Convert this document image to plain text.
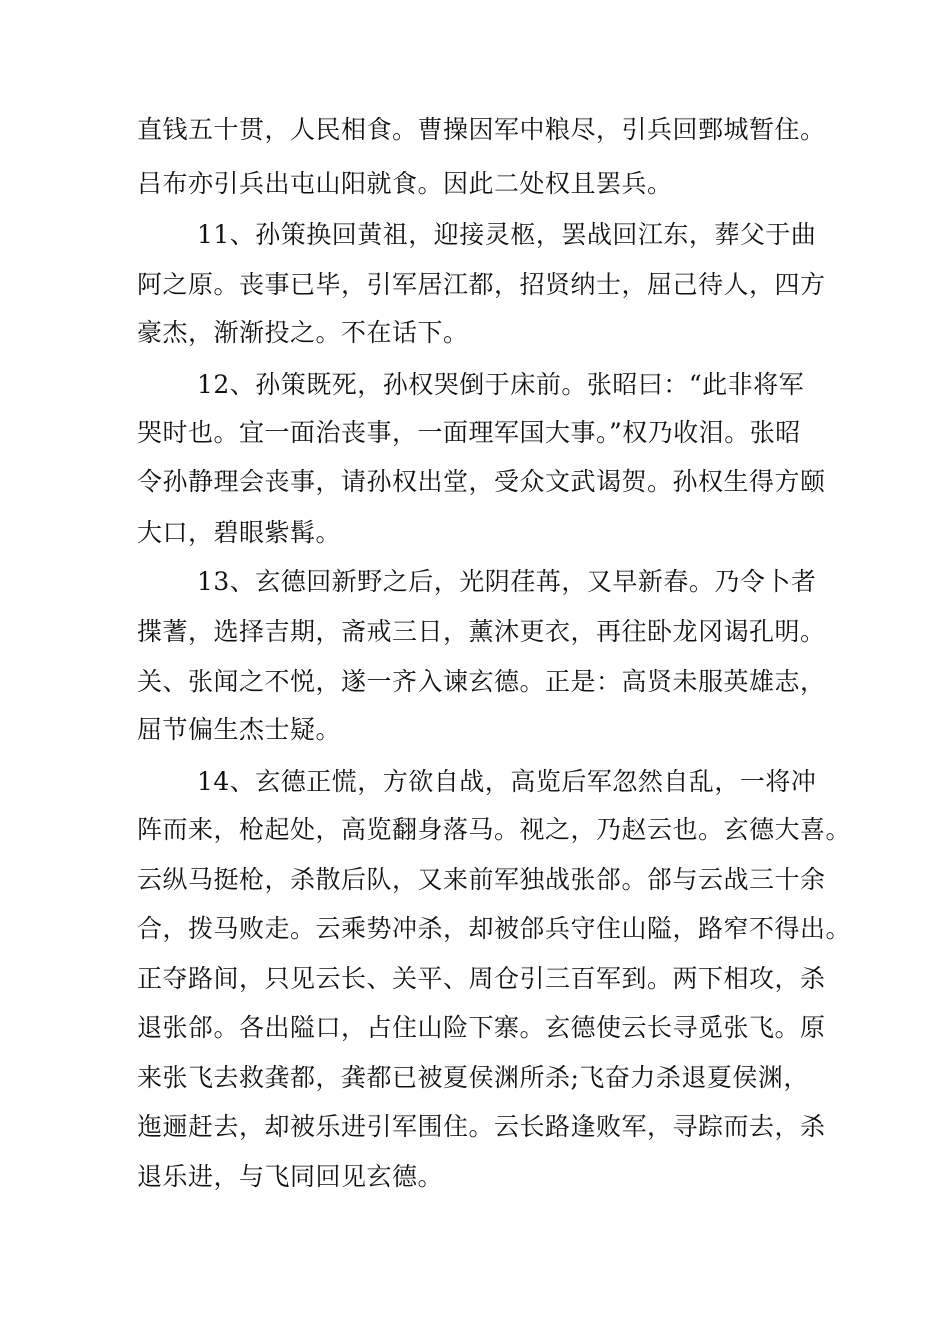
直钱五十贯，人民相食。曹操因军中粮尽，引兵回鄄城暂住。
吕布亦引兵出屯山阳就食。因此二处权且罢兵。
11、孙策换回黄祖，迎接灵柩，罢战回江东，葬父于曲
阿之原。丧事已毕，引军居江都，招贤纳士，屈己待人，四方
豪杰，渐渐投之。不在话下。
12、孙策既死，孙权哭倒于床前。张昭曰：“此非将军
哭时也。宜一面治丧事，一面理军国大事。”权乃收泪。张昭
令孙静理会丧事，请孙权出堂，受众文武谒贺。孙权生得方颐
大口，碧眼紫髯。
13、玄德回新野之后，光阴荏苒，又早新春。乃令卜者
揲蓍，选择吉期，斋戒三日，薰沐更衣，再往卧龙冈谒孔明。
关、张闻之不悦，遂一齐入谏玄德。正是：高贤未服英雄志，
屈节偏生杰士疑。
14、玄德正慌，方欲自战，高览后军忽然自乱，一将冲
阵而来，枪起处，高览翻身落马。视之，乃赵云也。玄德大喜。
云纵马挺枪，杀散后队，又来前军独战张郃。郃与云战三十余
合，拨马败走。云乘势冲杀，却被郃兵守住山隘，路窄不得出。
正夺路间，只见云长、关平、周仓引三百军到。两下相攻，杀
退张郃。各出隘口，占住山险下寨。玄德使云长寻觅张飞。原
来张飞去救龚都，龚都已被夏侯渊所杀;飞奋力杀退夏侯渊，
迤逦赶去，却被乐进引军围住。云长路逢败军，寻踪而去，杀
退乐进，与飞同回见玄德。
